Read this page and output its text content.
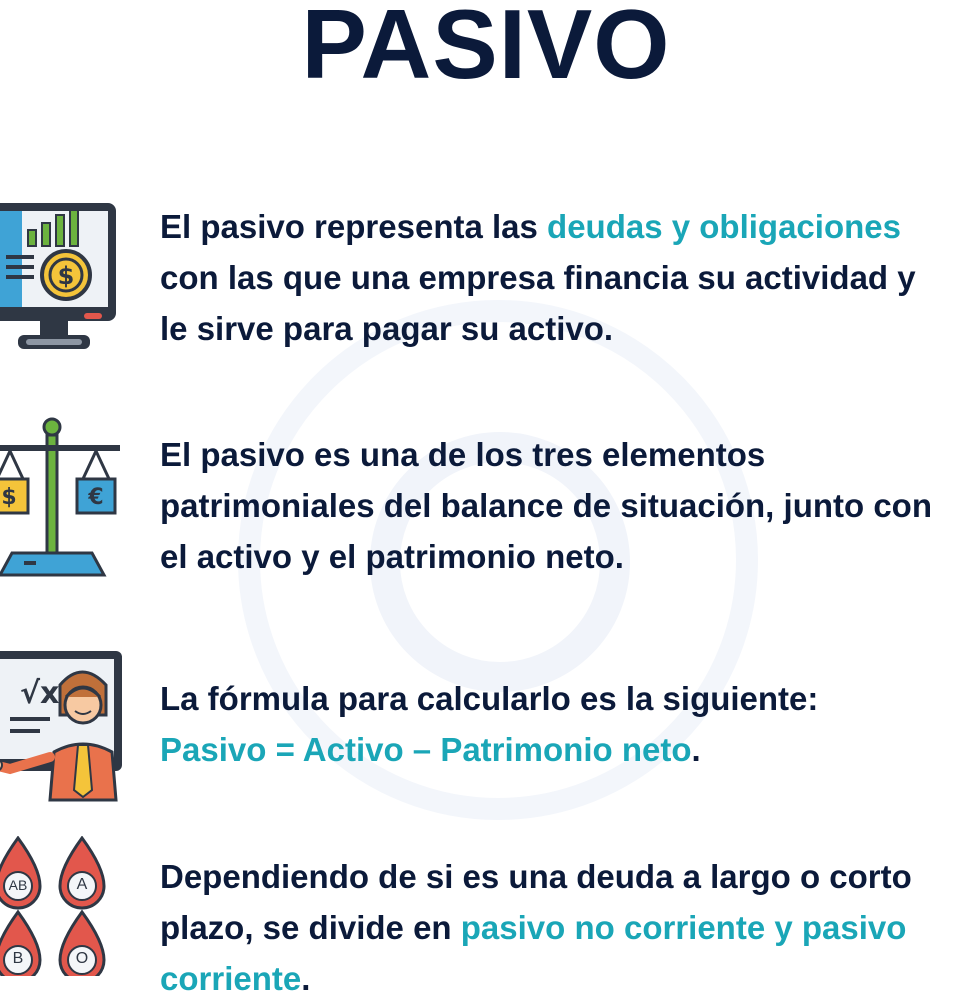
PASIVO
$
El pasivo representa las deudas y obligaciones
con las que una empresa financia su actividad y
le sirve para pagar su activo.
$	€
El pasivo es una de los tres elementos
patrimoniales del balance de situación, junto con
el activo y el patrimonio neto.
√x	La fórmula para calcularlo es la siguiente:
Pasivo = Activo – Patrimonio neto.
AB	A
B	O
Dependiendo de si es una deuda a largo o corto
plazo, se divide en pasivo no corriente y pasivo
corriente.
